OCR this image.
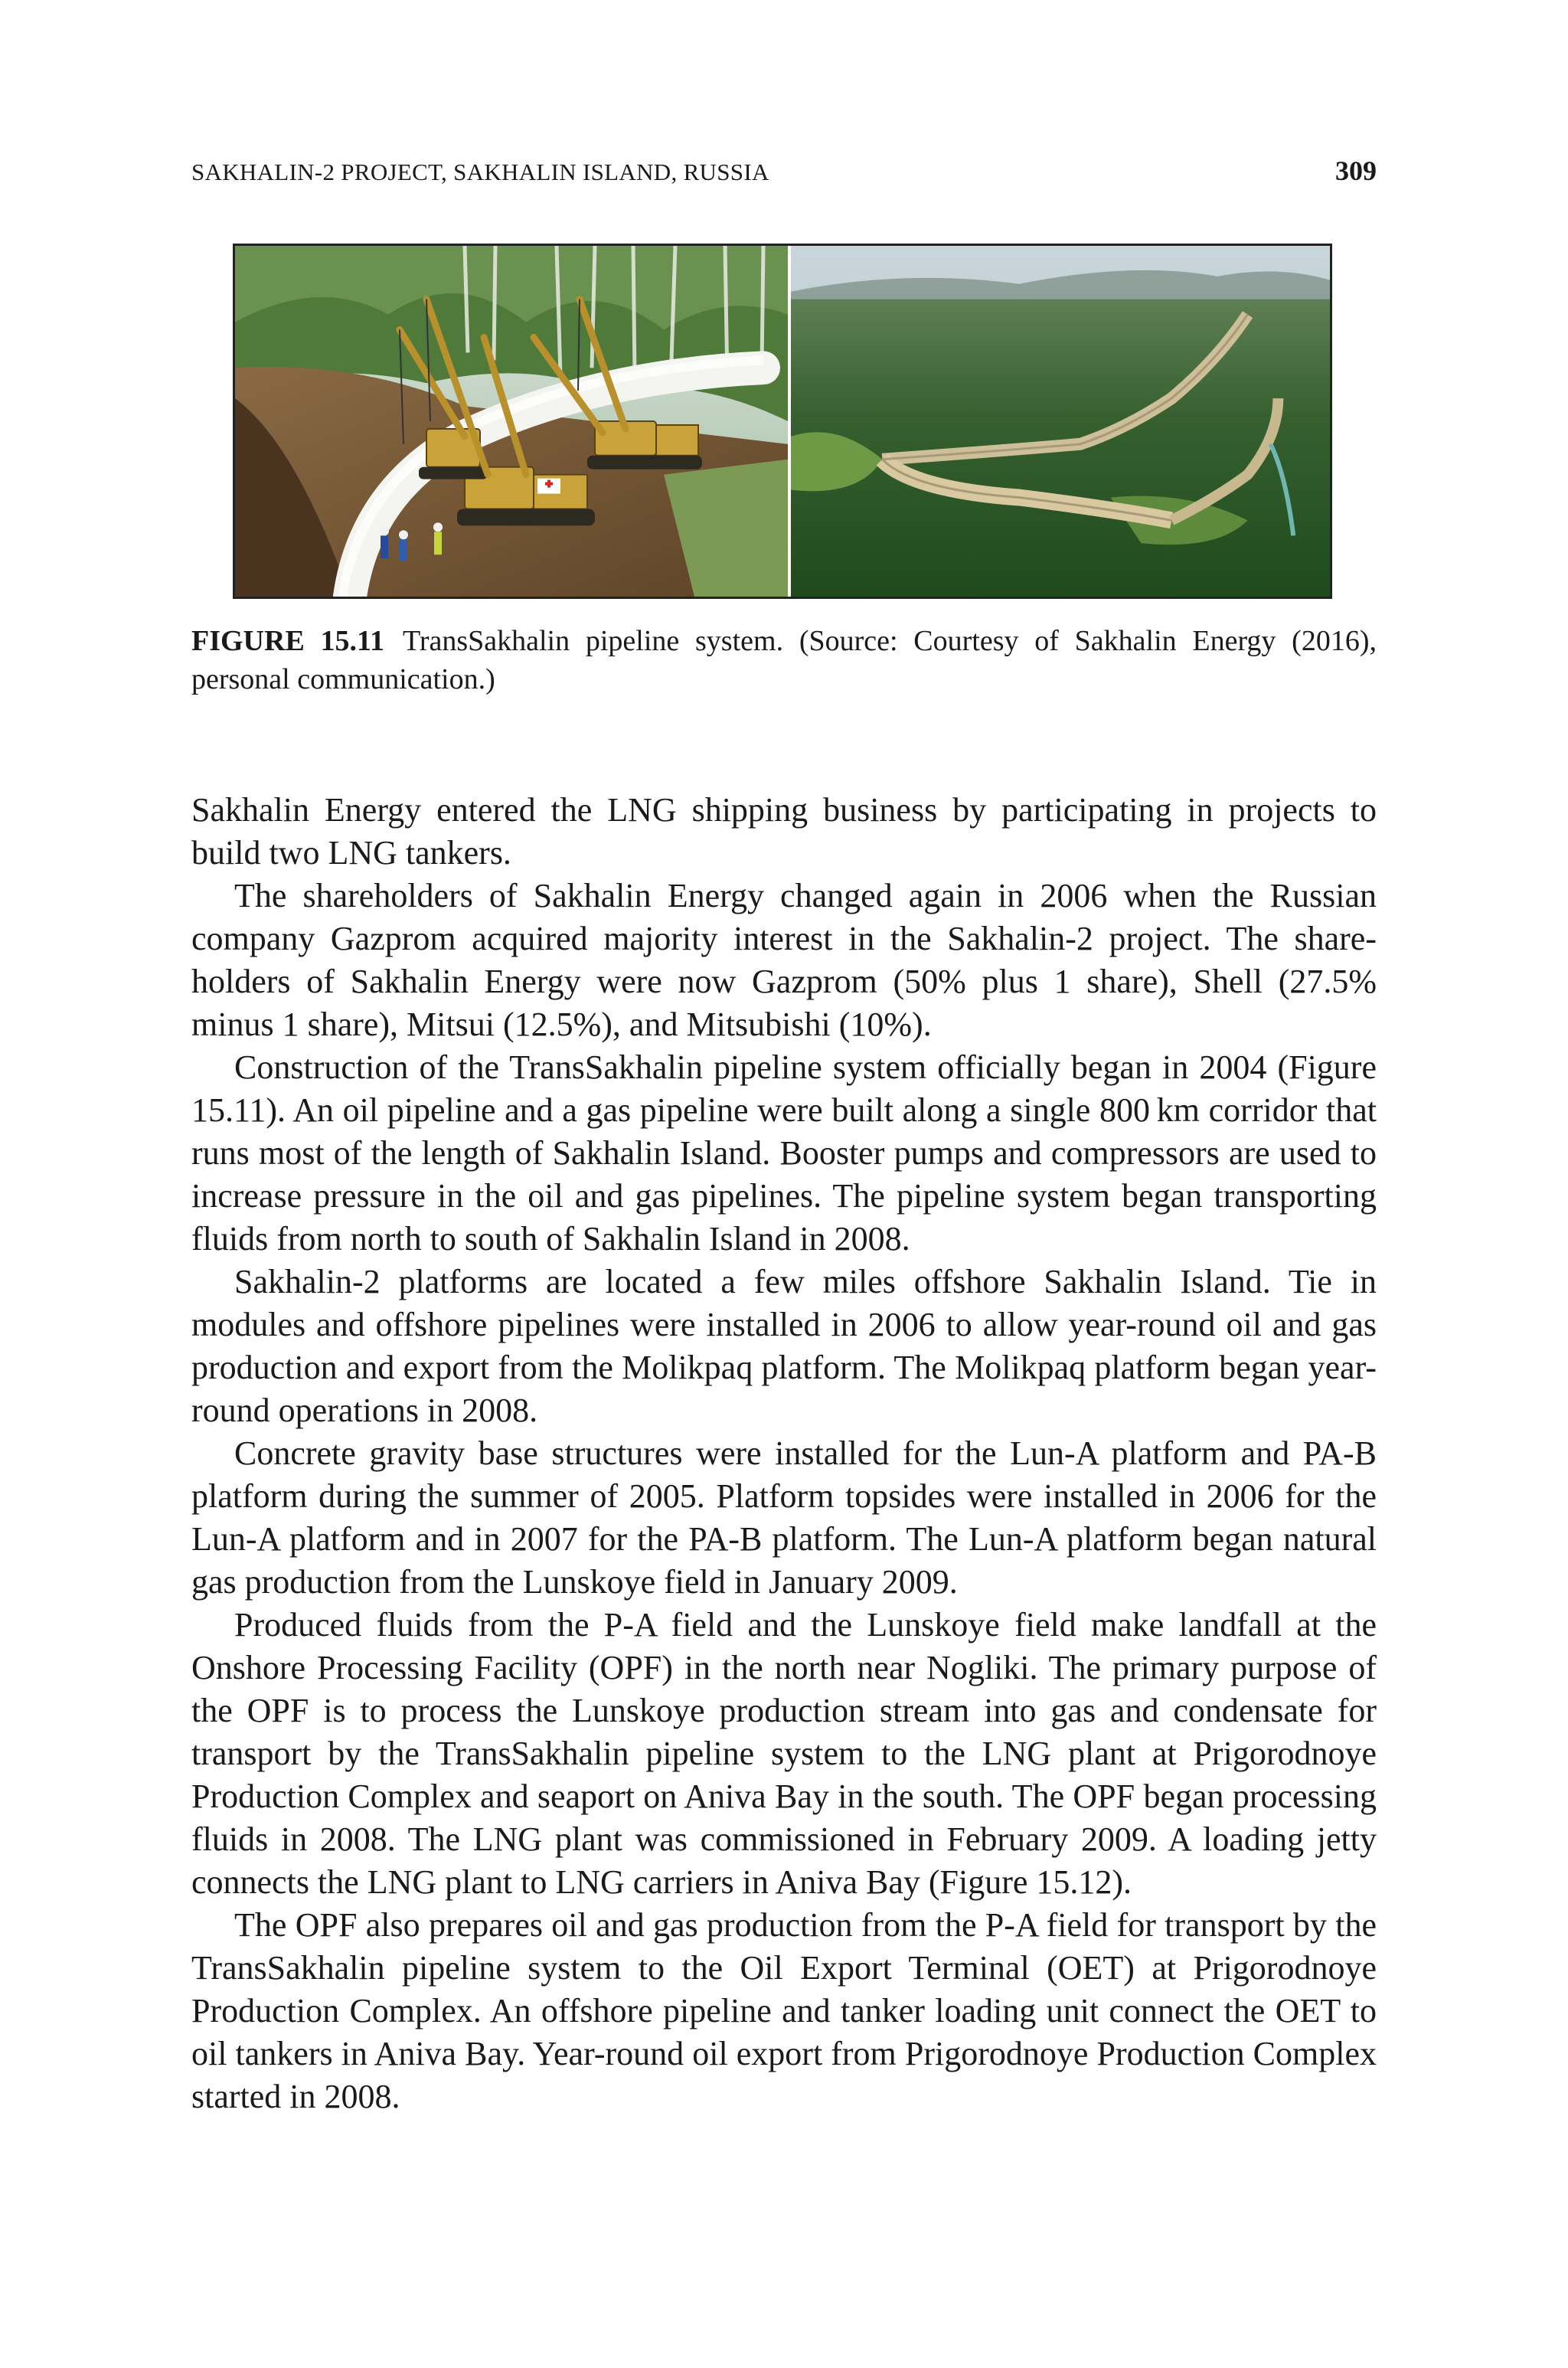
SAKHALIN-2 PROJECT, SAKHALIN ISLAND, RUSSIA	309
FIGURE 15.11 TransSakhalin pipeline system. (Source: Courtesy of Sakhalin Energy (2016), personal communication.)

Sakhalin Energy entered the LNG shipping business by participating in projects to build two LNG tankers.

The shareholders of Sakhalin Energy changed again in 2006 when the Russian company Gazprom acquired majority interest in the Sakhalin-2 project. The shareholders of Sakhalin Energy were now Gazprom (50% plus 1 share), Shell (27.5% minus 1 share), Mitsui (12.5%), and Mitsubishi (10%).

Construction of the TransSakhalin pipeline system officially began in 2004 (Figure 15.11). An oil pipeline and a gas pipeline were built along a single 800 km corridor that runs most of the length of Sakhalin Island. Booster pumps and compressors are used to increase pressure in the oil and gas pipelines. The pipeline system began transporting fluids from north to south of Sakhalin Island in 2008.

Sakhalin-2 platforms are located a few miles offshore Sakhalin Island. Tie in modules and offshore pipelines were installed in 2006 to allow year-round oil and gas production and export from the Molikpaq platform. The Molikpaq platform began year-round operations in 2008.

Concrete gravity base structures were installed for the Lun-A platform and PA-B platform during the summer of 2005. Platform topsides were installed in 2006 for the Lun-A platform and in 2007 for the PA-B platform. The Lun-A platform began natural gas production from the Lunskoye field in January 2009.

Produced fluids from the P-A field and the Lunskoye field make landfall at the Onshore Processing Facility (OPF) in the north near Nogliki. The primary purpose of the OPF is to process the Lunskoye production stream into gas and condensate for transport by the TransSakhalin pipeline system to the LNG plant at Prigorodnoye Production Complex and seaport on Aniva Bay in the south. The OPF began processing fluids in 2008. The LNG plant was commissioned in February 2009. A loading jetty connects the LNG plant to LNG carriers in Aniva Bay (Figure 15.12).

The OPF also prepares oil and gas production from the P-A field for transport by the TransSakhalin pipeline system to the Oil Export Terminal (OET) at Prigorodnoye Production Complex. An offshore pipeline and tanker loading unit connect the OET to oil tankers in Aniva Bay. Year-round oil export from Prigorodnoye Production Complex started in 2008.
